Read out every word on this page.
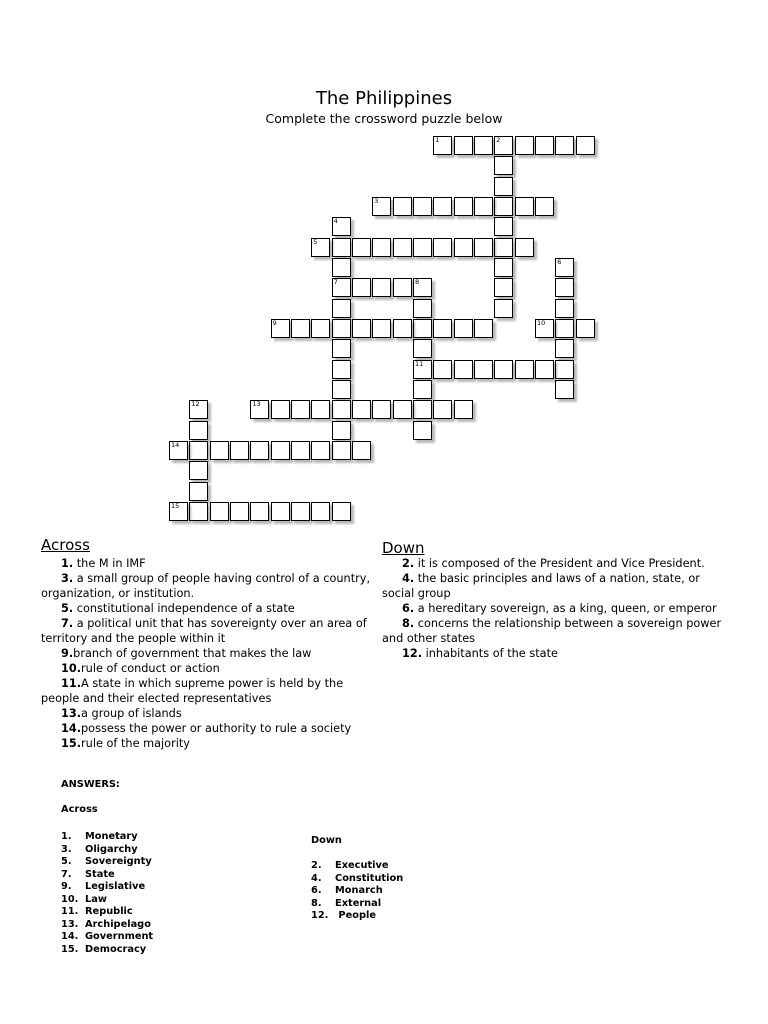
The Philippines
Complete the crossword puzzle below
1	2
3
4
7
5
6
8
11
9	10
12	13
14
15
Across
1. the M in IMF
3. a small group of people having control of a country, organization, or institution.
5. constitutional independence of a state
7. a political unit that has sovereignty over an area of territory and the people within it
9.branch of government that makes the law
10.rule of conduct or action
11.A state in which supreme power is held by the people and their elected representatives
13.a group of islands
14.possess the power or authority to rule a society
15.rule of the majority
Down
2. it is composed of the President and Vice President.
4. the basic principles and laws of a nation, state, or social group
6. a hereditary sovereign, as a king, queen, or emperor
8. concerns the relationship between a sovereign power and other states
12. inhabitants of the state
ANSWERS:
Across
1. Monetary
3. Oligarchy
5. Sovereignty
7. State
9. Legislative
10. Law
11. Republic
13. Archipelago
14. Government
15. Democracy
Down
2. Executive
4. Constitution
6. Monarch
8. External
12. People
